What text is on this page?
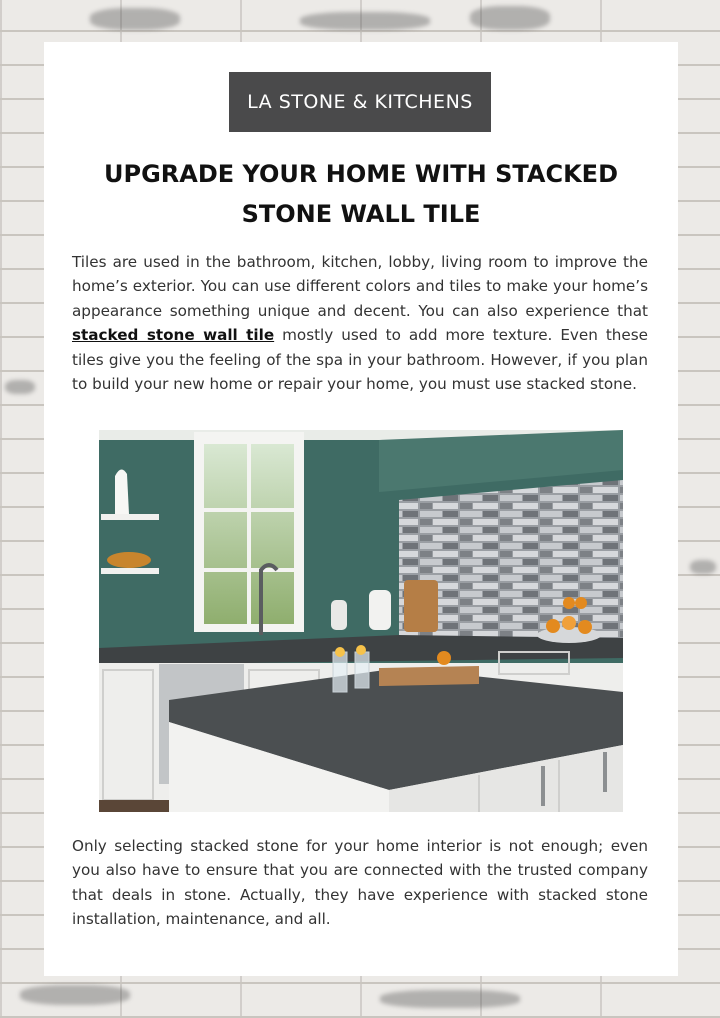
LA STONE & KITCHENS
UPGRADE YOUR HOME WITH STACKED
STONE WALL TILE

Tiles are used in the bathroom, kitchen, lobby, living room to improve the home’s exterior. You can use different colors and tiles to make your home’s appearance something unique and decent. You can also experience that stacked stone wall tile mostly used to add more texture. Even these tiles give you the feeling of the spa in your bathroom. However, if you plan to build your new home or repair your home, you must use stacked stone.

Only selecting stacked stone for your home interior is not enough; even you also have to ensure that you are connected with the trusted company that deals in stone. Actually, they have experience with stacked stone installation, maintenance, and all.
